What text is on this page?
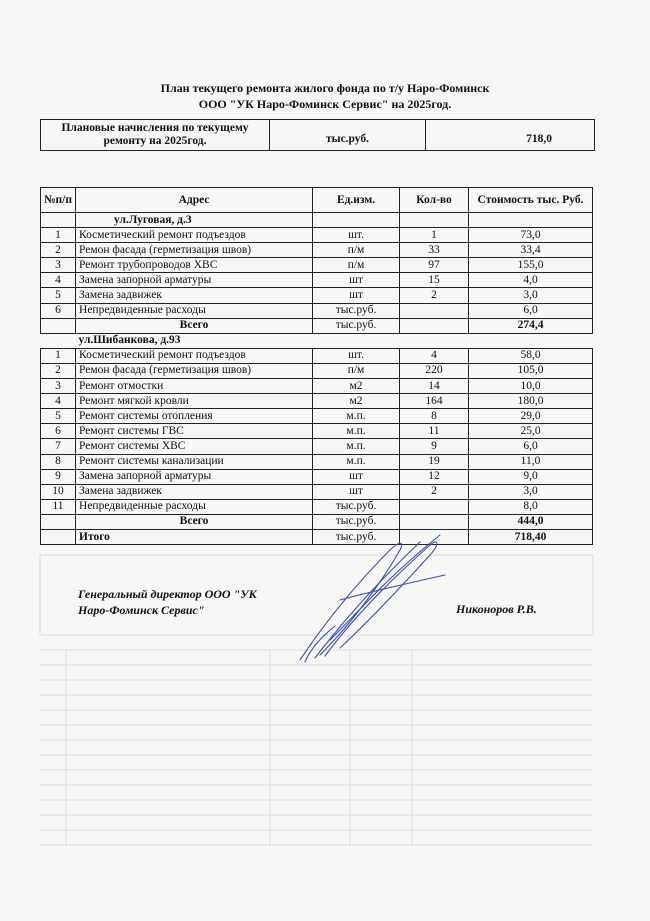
План текущего ремонта жилого фонда по т/у Наро-Фоминск
ООО "УК Наро-Фоминск Сервис" на 2025год.
Плановые начисления по текущему ремонту на 2025год.	тыс.руб.	718,0
№п/п	Адрес	Ед.изм.	Кол-во	Стоимость тыс. Руб.
	ул.Луговая, д.3			
1	Косметический ремонт подъездов	шт.	1	73,0
2	Ремон фасада (герметизация швов)	п/м	33	33,4
3	Ремонт трубопроводов ХВС	п/м	97	155,0
4	Замена запорной арматуры	шт	15	4,0
5	Замена задвижек	шт	2	3,0
6	Непредвиденные расходы	тыс.руб.		6,0
	Всего	тыс.руб.		274,4
ул.Шибанкова, д.93				
1	Косметический ремонт подъездов	шт.	4	58,0
2	Ремон фасада (герметизация швов)	п/м	220	105,0
3	Ремонт отмостки	м2	14	10,0
4	Ремонт мягкой кровли	м2	164	180,0
5	Ремонт системы отопления	м.п.	8	29,0
6	Ремонт системы ГВС	м.п.	11	25,0
7	Ремонт системы ХВС	м.п.	9	6,0
8	Ремонт системы канализации	м.п.	19	11,0
9	Замена запорной арматуры	шт	12	9,0
10	Замена задвижек	шт	2	3,0
11	Непредвиденные расходы	тыс.руб.		8,0
	Всего	тыс.руб.		444,0
	Итого	тыс.руб.		718,40
Генеральный директор ООО "УК
Наро-Фоминск Сервис"	Никоноров Р.В.
